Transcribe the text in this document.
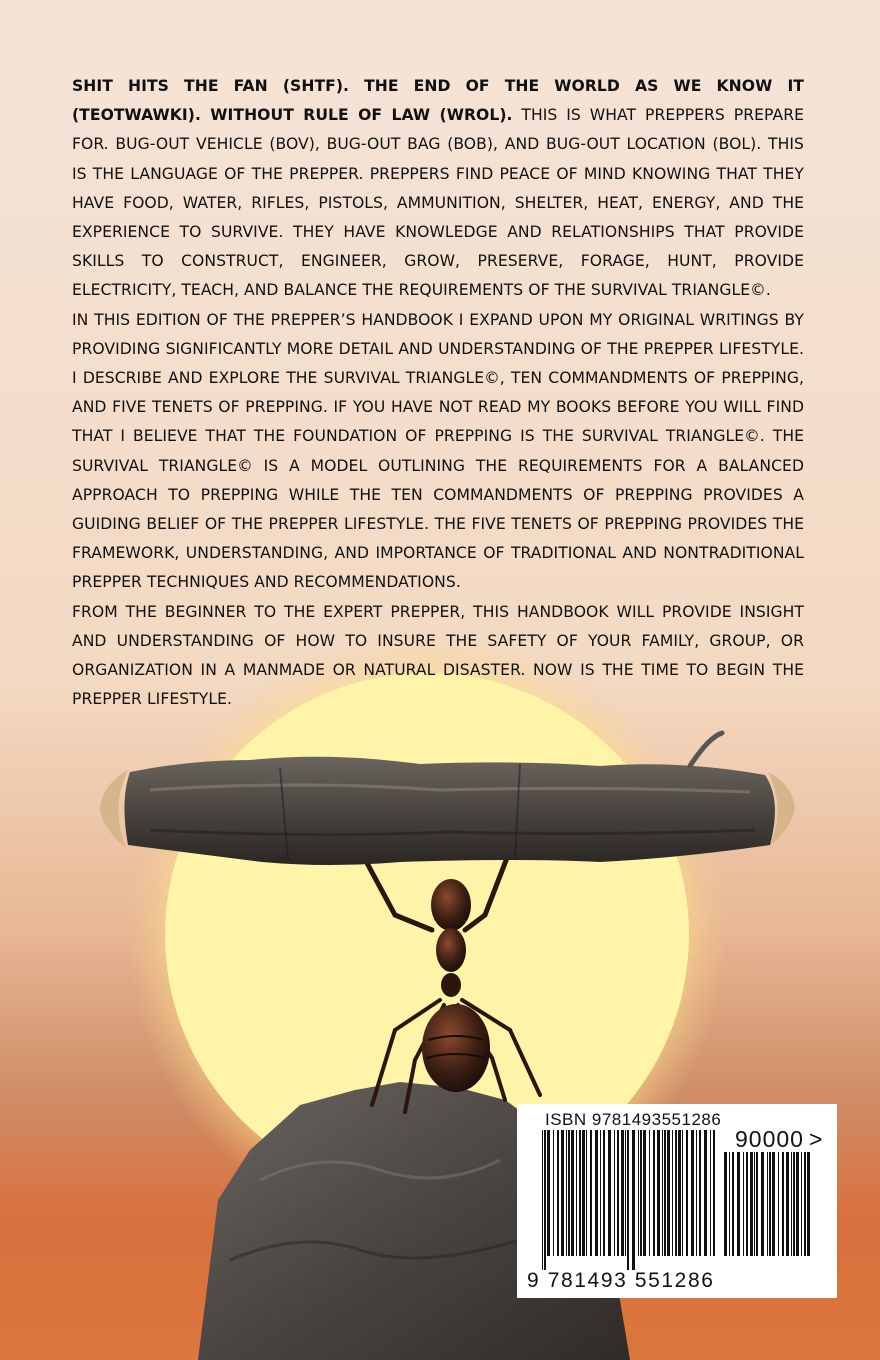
SHIT HITS THE FAN (SHTF). THE END OF THE WORLD AS WE KNOW IT (TEOTWAWKI). WITHOUT RULE OF LAW (WROL). THIS IS WHAT PREPPERS PREPARE FOR. BUG-OUT VEHICLE (BOV), BUG-OUT BAG (BOB), AND BUG-OUT LOCATION (BOL). THIS IS THE LANGUAGE OF THE PREPPER. PREPPERS FIND PEACE OF MIND KNOWING THAT THEY HAVE FOOD, WATER, RIFLES, PISTOLS, AMMUNITION, SHELTER, HEAT, ENERGY, AND THE EXPERIENCE TO SURVIVE. THEY HAVE KNOWLEDGE AND RELATIONSHIPS THAT PROVIDE SKILLS TO CONSTRUCT, ENGINEER, GROW, PRESERVE, FORAGE, HUNT, PROVIDE ELECTRICITY, TEACH, AND BALANCE THE REQUIREMENTS OF THE SURVIVAL TRIANGLE©.

IN THIS EDITION OF THE PREPPER’S HANDBOOK I EXPAND UPON MY ORIGINAL WRITINGS BY PROVIDING SIGNIFICANTLY MORE DETAIL AND UNDERSTANDING OF THE PREPPER LIFESTYLE. I DESCRIBE AND EXPLORE THE SURVIVAL TRIANGLE©, TEN COMMANDMENTS OF PREPPING, AND FIVE TENETS OF PREPPING. IF YOU HAVE NOT READ MY BOOKS BEFORE YOU WILL FIND THAT I BELIEVE THAT THE FOUNDATION OF PREPPING IS THE SURVIVAL TRIANGLE©. THE SURVIVAL TRIANGLE© IS A MODEL OUTLINING THE REQUIREMENTS FOR A BALANCED APPROACH TO PREPPING WHILE THE TEN COMMANDMENTS OF PREPPING PROVIDES A GUIDING BELIEF OF THE PREPPER LIFESTYLE. THE FIVE TENETS OF PREPPING PROVIDES THE FRAMEWORK, UNDERSTANDING, AND IMPORTANCE OF TRADITIONAL AND NONTRADITIONAL PREPPER TECHNIQUES AND RECOMMENDATIONS.

FROM THE BEGINNER TO THE EXPERT PREPPER, THIS HANDBOOK WILL PROVIDE INSIGHT AND UNDERSTANDING OF HOW TO INSURE THE SAFETY OF YOUR FAMILY, GROUP, OR ORGANIZATION IN A MANMADE OR NATURAL DISASTER. NOW IS THE TIME TO BEGIN THE PREPPER LIFESTYLE.

ISBN 9781493551286
90000 >
9 781493 551286
